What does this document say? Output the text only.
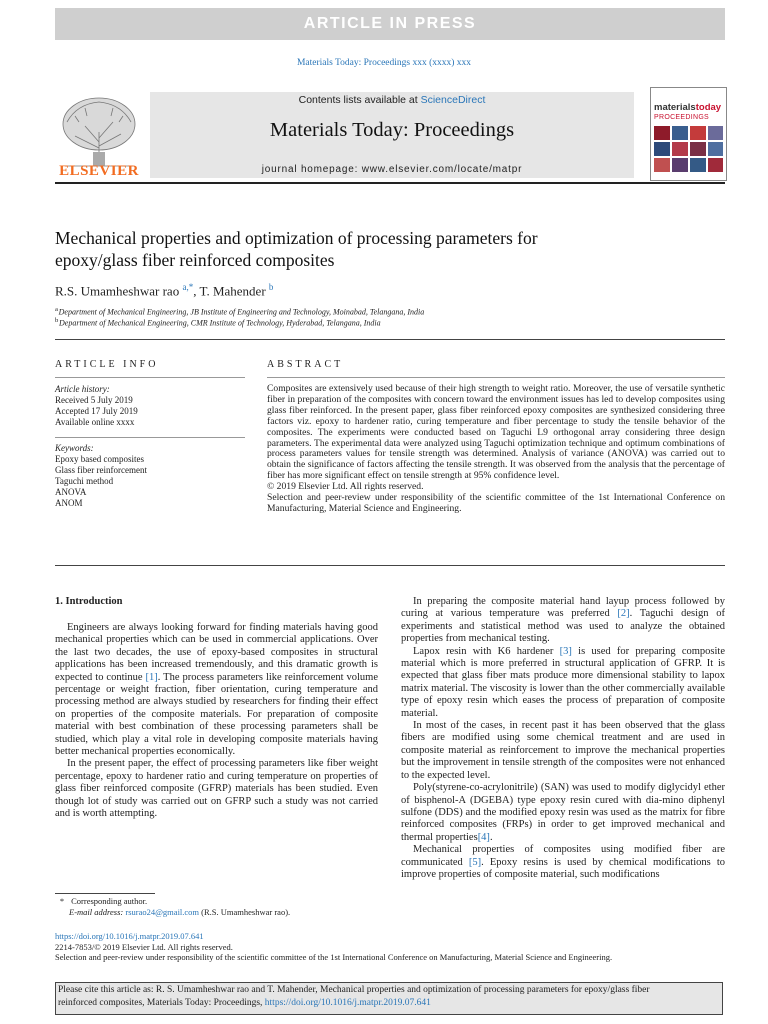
ARTICLE IN PRESS
Materials Today: Proceedings xxx (xxxx) xxx
ELSEVIER
Contents lists available at ScienceDirect
Materials Today: Proceedings
journal homepage: www.elsevier.com/locate/matpr
materialstoday
PROCEEDINGS
Mechanical properties and optimization of processing parameters for
epoxy/glass fiber reinforced composites
R.S. Umamheshwar rao $^{a,*}$, T. Mahender $^b$
$^a$ Department of Mechanical Engineering, JB Institute of Engineering and Technology, Moinabad, Telangana, India
$^b$ Department of Mechanical Engineering, CMR Institute of Technology, Hyderabad, Telangana, India
ARTICLE INFO
Article history:
Received 5 July 2019
Accepted 17 July 2019
Available online xxxx
Keywords:
Epoxy based composites
Glass fiber reinforcement
Taguchi method
ANOVA
ANOM
ABSTRACT

Composites are extensively used because of their high strength to weight ratio. Moreover, the use of versatile synthetic fiber in preparation of the composites with concern toward the environment issues has led to develop composites using glass fiber reinforced. In the present paper, glass fiber reinforced epoxy composites are synthesized considering three factors viz. epoxy to hardener ratio, curing temperature and fiber percentage to study the tensile behavior of the composites. The experiments were conducted based on Taguchi L9 orthogonal array considering three design parameters. The experimental data were analyzed using Taguchi optimization technique and optimum combinations of process parameters values for tensile strength was determined. Analysis of variance (ANOVA) was carried out to obtain the significance of factors affecting the tensile strength. It was observed from the analysis that the percentage of fiber has more significant effect on tensile strength at 95% confidence level.

© 2019 Elsevier Ltd. All rights reserved.

Selection and peer-review under responsibility of the scientific committee of the 1st International Conference on Manufacturing, Material Science and Engineering.

1. Introduction

Engineers are always looking forward for finding materials having good mechanical properties which can be used in commercial applications. Over the last two decades, the use of epoxy-based composites in structural applications has been increased tremendously, and this dramatic growth is expected to continue [1]. The process parameters like reinforcement volume percentage or weight fraction, fiber orientation, curing temperature and processing method are always studied by researchers for finding their effect on properties of the composite materials. For preparation of composite material with best combination of these processing parameters shall be studied, which play a vital role in developing composite materials having better mechanical properties economically.

In the present paper, the effect of processing parameters like fiber weight percentage, epoxy to hardener ratio and curing temperature on properties of glass fiber reinforced composite (GFRP) materials has been studied. Even though lot of study was carried out on GFRP such a study was not carried and is worth attempting.

In preparing the composite material hand layup process followed by curing at various temperature was preferred [2]. Taguchi design of experiments and statistical method was used to analyze the obtained properties from mechanical testing.

Lapox resin with K6 hardener [3] is used for preparing composite material which is more preferred in structural application of GFRP. It is expected that glass fiber mats produce more dimensional stability to lapox matrix material. The viscosity is lower than the other commercially available type of epoxy resin which eases the process of preparation of composite material.

In most of the cases, in recent past it has been observed that the glass fibers are modified using some chemical treatment and are used in composite material as reinforcement to improve the mechanical properties but the improvement in tensile strength of the composites were not enhanced to the expected level.

Poly(styrene-co-acrylonitrile) (SAN) was used to modify diglycidyl ether of bisphenol-A (DGEBA) type epoxy resin cured with dia-mino diphenyl sulfone (DDS) and the modified epoxy resin was used as the matrix for fibre reinforced composites (FRPs) in order to get improved mechanical and thermal properties[4].

Mechanical properties of composites using modified fiber are communicated [5]. Epoxy resins is used by chemical modifications to improve properties of composite material, such modifications

* Corresponding author.
E-mail address: rsurao24@gmail.com (R.S. Umamheshwar rao).
https://doi.org/10.1016/j.matpr.2019.07.641
2214-7853/© 2019 Elsevier Ltd. All rights reserved.
Selection and peer-review under responsibility of the scientific committee of the 1st International Conference on Manufacturing, Material Science and Engineering.
Please cite this article as: R. S. Umamheshwar rao and T. Mahender, Mechanical properties and optimization of processing parameters for epoxy/glass fiber
reinforced composites, Materials Today: Proceedings, https://doi.org/10.1016/j.matpr.2019.07.641
